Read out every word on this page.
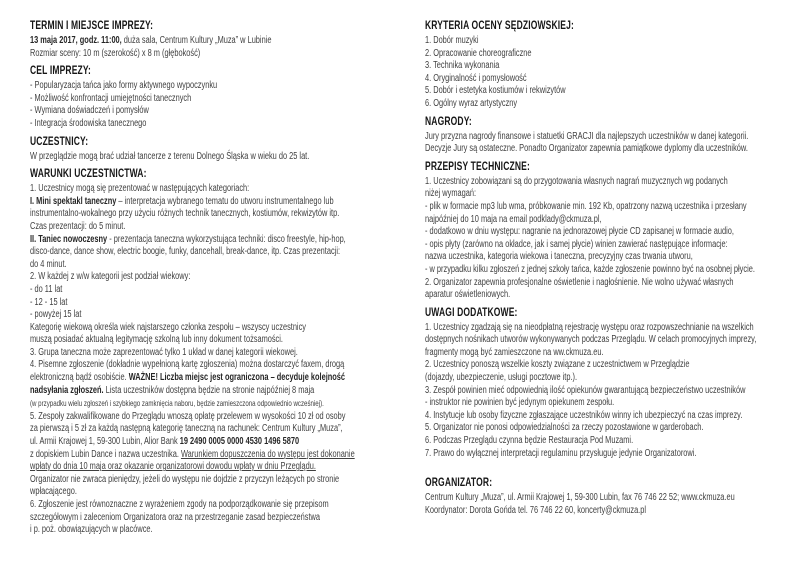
TERMIN I MIEJSCE IMPREZY:
13 maja 2017, godz. 11:00, duża sala, Centrum Kultury „Muza” w Lubinie
Rozmiar sceny: 10 m (szerokość) x 8 m (głębokość)
CEL IMPREZY:
- Popularyzacja tańca jako formy aktywnego wypoczynku
- Możliwość konfrontacji umiejętności tanecznych
- Wymiana doświadczeń i pomysłów
- Integracja środowiska tanecznego
UCZESTNICY:
W przeglądzie mogą brać udział tancerze z terenu Dolnego Śląska w wieku do 25 lat.
WARUNKI UCZESTNICTWA:
1. Uczestnicy mogą się prezentować w następujących kategoriach:
I. Mini spektakl taneczny – interpretacja wybranego tematu do utworu instrumentalnego lub
instrumentalno-wokalnego przy użyciu różnych technik tanecznych, kostiumów, rekwizytów itp.
Czas prezentacji: do 5 minut.
II. Taniec nowoczesny - prezentacja taneczna wykorzystująca techniki: disco freestyle, hip-hop,
disco-dance, dance show, electric boogie, funky, dancehall, break-dance, itp. Czas prezentacji:
do 4 minut.
2. W każdej z w/w kategorii jest podział wiekowy:
- do 11 lat
- 12 - 15 lat
- powyżej 15 lat
Kategorię wiekową określa wiek najstarszego członka zespołu – wszyscy uczestnicy
muszą posiadać aktualną legitymację szkolną lub inny dokument tożsamości.
3. Grupa taneczna może zaprezentować tylko 1 układ w danej kategorii wiekowej.
4. Pisemne zgłoszenie (dokładnie wypełnioną kartę zgłoszenia) można dostarczyć faxem, drogą
elektroniczną bądź osobiście. WAŻNE! Liczba miejsc jest ograniczona – decyduje kolejność
nadsyłania zgłoszeń. Lista uczestników dostępna będzie na stronie najpóźniej 8 maja
(w przypadku wielu zgłoszeń i szybkiego zamknięcia naboru, będzie zamieszczona odpowiednio wcześniej).
5. Zespoły zakwalifikowane do Przeglądu wnoszą opłatę przelewem w wysokości 10 zł od osoby
za pierwszą i 5 zł za każdą następną kategorię taneczną na rachunek: Centrum Kultury „Muza”,
ul. Armii Krajowej 1, 59-300 Lubin, Alior Bank 19 2490 0005 0000 4530 1496 5870
z dopiskiem Lubin Dance i nazwa uczestnika. Warunkiem dopuszczenia do występu jest dokonanie
wpłaty do dnia 10 maja oraz okazanie organizatorowi dowodu wpłaty w dniu Przeglądu.
Organizator nie zwraca pieniędzy, jeżeli do występu nie dojdzie z przyczyn leżących po stronie
wpłacającego.
6. Zgłoszenie jest równoznaczne z wyrażeniem zgody na podporządkowanie się przepisom
szczegółowym i zaleceniom Organizatora oraz na przestrzeganie zasad bezpieczeństwa
i p. poż. obowiązujących w placówce.
KRYTERIA OCENY SĘDZIOWSKIEJ:
1. Dobór muzyki
2. Opracowanie choreograficzne
3. Technika wykonania
4. Oryginalność i pomysłowość
5. Dobór i estetyka kostiumów i rekwizytów
6. Ogólny wyraz artystyczny
NAGRODY:
Jury przyzna nagrody finansowe i statuetki GRACJI dla najlepszych uczestników w danej kategorii.
Decyzje Jury są ostateczne. Ponadto Organizator zapewnia pamiątkowe dyplomy dla uczestników.
PRZEPISY TECHNICZNE:
1. Uczestnicy zobowiązani są do przygotowania własnych nagrań muzycznych wg podanych
niżej wymagań:
- plik w formacie mp3 lub wma, próbkowanie min. 192 Kb, opatrzony nazwą uczestnika i przesłany
najpóźniej do 10 maja na email podklady@ckmuza.pl,
- dodatkowo w dniu występu: nagranie na jednorazowej płycie CD zapisanej w formacie audio,
- opis płyty (zarówno na okładce, jak i samej płycie) winien zawierać następujące informacje:
nazwa uczestnika, kategoria wiekowa i taneczna, precyzyjny czas trwania utworu,
- w przypadku kilku zgłoszeń z jednej szkoły tańca, każde zgłoszenie powinno być na osobnej płycie.
2. Organizator zapewnia profesjonalne oświetlenie i nagłośnienie. Nie wolno używać własnych
aparatur oświetleniowych.
UWAGI DODATKOWE:
1. Uczestnicy zgadzają się na nieodpłatną rejestrację występu oraz rozpowszechnianie na wszelkich
dostępnych nośnikach utworów wykonywanych podczas Przeglądu. W celach promocyjnych imprezy,
fragmenty mogą być zamieszczone na ww.ckmuza.eu.
2. Uczestnicy ponoszą wszelkie koszty związane z uczestnictwem w Przeglądzie
(dojazdy, ubezpieczenie, usługi pocztowe itp.).
3. Zespół powinien mieć odpowiednią ilość opiekunów gwarantującą bezpieczeństwo uczestników
- instruktor nie powinien być jedynym opiekunem zespołu.
4. Instytucje lub osoby fizyczne zgłaszające uczestników winny ich ubezpieczyć na czas imprezy.
5. Organizator nie ponosi odpowiedzialności za rzeczy pozostawione w garderobach.
6. Podczas Przeglądu czynna będzie Restauracja Pod Muzami.
7. Prawo do wyłącznej interpretacji regulaminu przysługuje jedynie Organizatorowi.
ORGANIZATOR:
Centrum Kultury „Muza”, ul. Armii Krajowej 1, 59-300 Lubin, fax 76 746 22 52; www.ckmuza.eu
Koordynator: Dorota Gońda tel. 76 746 22 60, koncerty@ckmuza.pl
